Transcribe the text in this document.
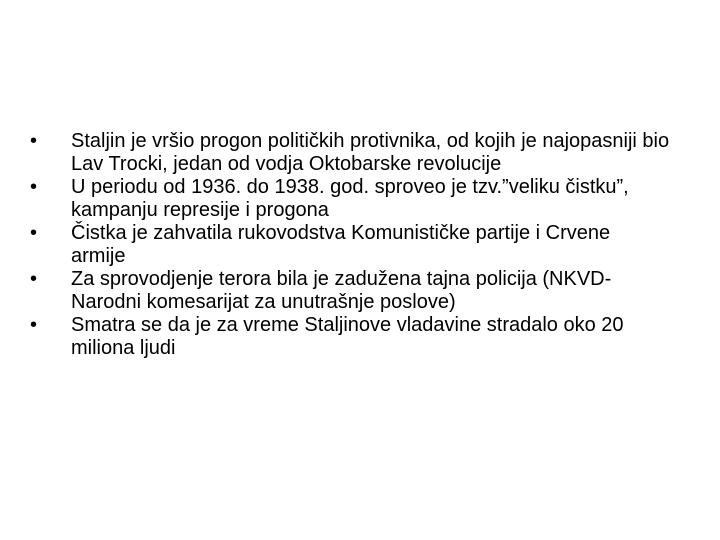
•	Staljin je vršio progon političkih protivnika, od kojih je najopasniji bio Lav Trocki, jedan od vodja Oktobarske revolucije
•	U periodu od 1936. do 1938. god. sproveo je tzv.”veliku čistku”, kampanju represije i progona
•	Čistka je zahvatila rukovodstva Komunističke partije i Crvene armije
•	Za sprovodjenje terora bila je zadužena tajna policija (NKVD-Narodni komesarijat za unutrašnje poslove)
•	Smatra se da je za vreme Staljinove vladavine stradalo oko 20 miliona ljudi
